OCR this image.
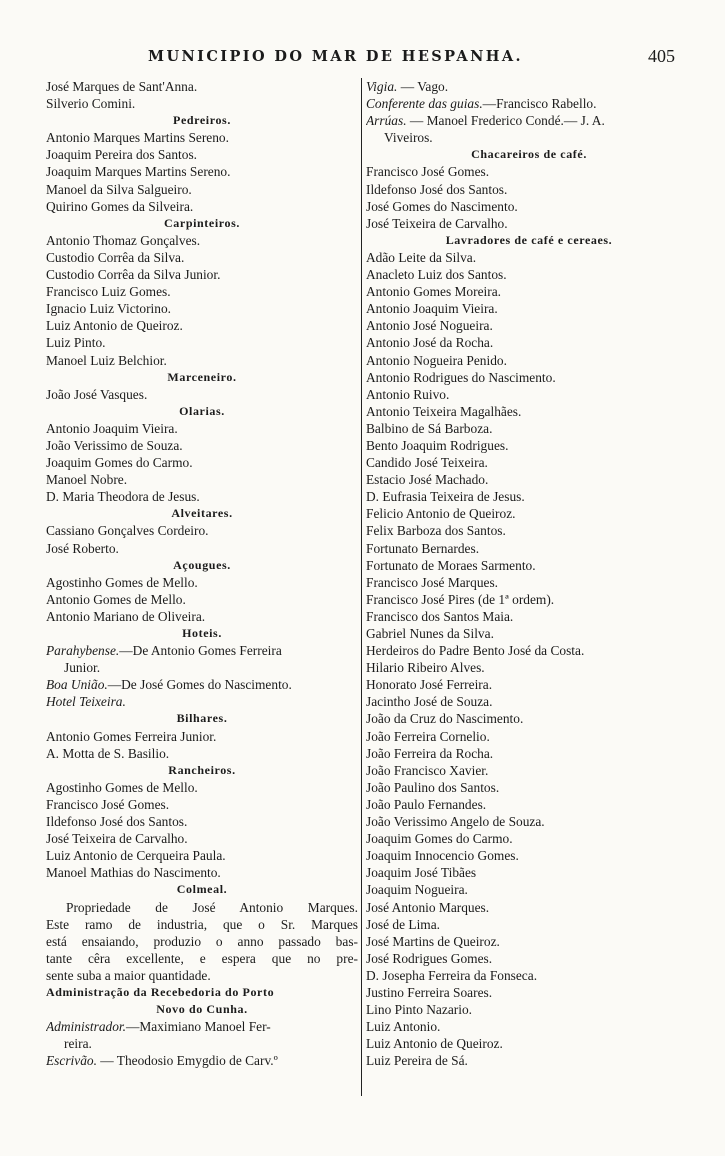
MUNICIPIO DO MAR DE HESPANHA.	405
José Marques de Sant'Anna.
Silverio Comini.
Pedreiros.
Antonio Marques Martins Sereno.
Joaquim Pereira dos Santos.
Joaquim Marques Martins Sereno.
Manoel da Silva Salgueiro.
Quirino Gomes da Silveira.
Carpinteiros.
Antonio Thomaz Gonçalves.
Custodio Corrêa da Silva.
Custodio Corrêa da Silva Junior.
Francisco Luiz Gomes.
Ignacio Luiz Victorino.
Luiz Antonio de Queiroz.
Luiz Pinto.
Manoel Luiz Belchior.
Marceneiro.
João José Vasques.
Olarias.
Antonio Joaquim Vieira.
João Verissimo de Souza.
Joaquim Gomes do Carmo.
Manoel Nobre.
D. Maria Theodora de Jesus.
Alveitares.
Cassiano Gonçalves Cordeiro.
José Roberto.
Açougues.
Agostinho Gomes de Mello.
Antonio Gomes de Mello.
Antonio Mariano de Oliveira.
Hoteis.
Parahybense.—De Antonio Gomes Ferreira
Junior.
Boa União.—De José Gomes do Nascimento.
Hotel Teixeira.
Bilhares.
Antonio Gomes Ferreira Junior.
A. Motta de S. Basilio.
Rancheiros.
Agostinho Gomes de Mello.
Francisco José Gomes.
Ildefonso José dos Santos.
José Teixeira de Carvalho.
Luiz Antonio de Cerqueira Paula.
Manoel Mathias do Nascimento.
Colmeal.
Propriedade de José Antonio Marques.
Este ramo de industria, que o Sr. Marques
está ensaiando, produzio o anno passado bas-
tante cêra excellente, e espera que no pre-
sente suba a maior quantidade.
Administração da Recebedoria do Porto
Novo do Cunha.
Administrador.—Maximiano Manoel Fer-
reira.
Escrivão. — Theodosio Emygdio de Carv.º
Vigia. — Vago.
Conferente das guias.—Francisco Rabello.
Arrúas. — Manoel Frederico Condé.— J. A.
Viveiros.
Chacareiros de café.
Francisco José Gomes.
Ildefonso José dos Santos.
José Gomes do Nascimento.
José Teixeira de Carvalho.
Lavradores de café e cereaes.
Adão Leite da Silva.
Anacleto Luiz dos Santos.
Antonio Gomes Moreira.
Antonio Joaquim Vieira.
Antonio José Nogueira.
Antonio José da Rocha.
Antonio Nogueira Penido.
Antonio Rodrigues do Nascimento.
Antonio Ruivo.
Antonio Teixeira Magalhães.
Balbino de Sá Barboza.
Bento Joaquim Rodrigues.
Candido José Teixeira.
Estacio José Machado.
D. Eufrasia Teixeira de Jesus.
Felicio Antonio de Queiroz.
Felix Barboza dos Santos.
Fortunato Bernardes.
Fortunato de Moraes Sarmento.
Francisco José Marques.
Francisco José Pires (de 1ª ordem).
Francisco dos Santos Maia.
Gabriel Nunes da Silva.
Herdeiros do Padre Bento José da Costa.
Hilario Ribeiro Alves.
Honorato José Ferreira.
Jacintho José de Souza.
João da Cruz do Nascimento.
João Ferreira Cornelio.
João Ferreira da Rocha.
João Francisco Xavier.
João Paulino dos Santos.
João Paulo Fernandes.
João Verissimo Angelo de Souza.
Joaquim Gomes do Carmo.
Joaquim Innocencio Gomes.
Joaquim José Tibães
Joaquim Nogueira.
José Antonio Marques.
José de Lima.
José Martins de Queiroz.
José Rodrigues Gomes.
D. Josepha Ferreira da Fonseca.
Justino Ferreira Soares.
Lino Pinto Nazario.
Luiz Antonio.
Luiz Antonio de Queiroz.
Luiz Pereira de Sá.
